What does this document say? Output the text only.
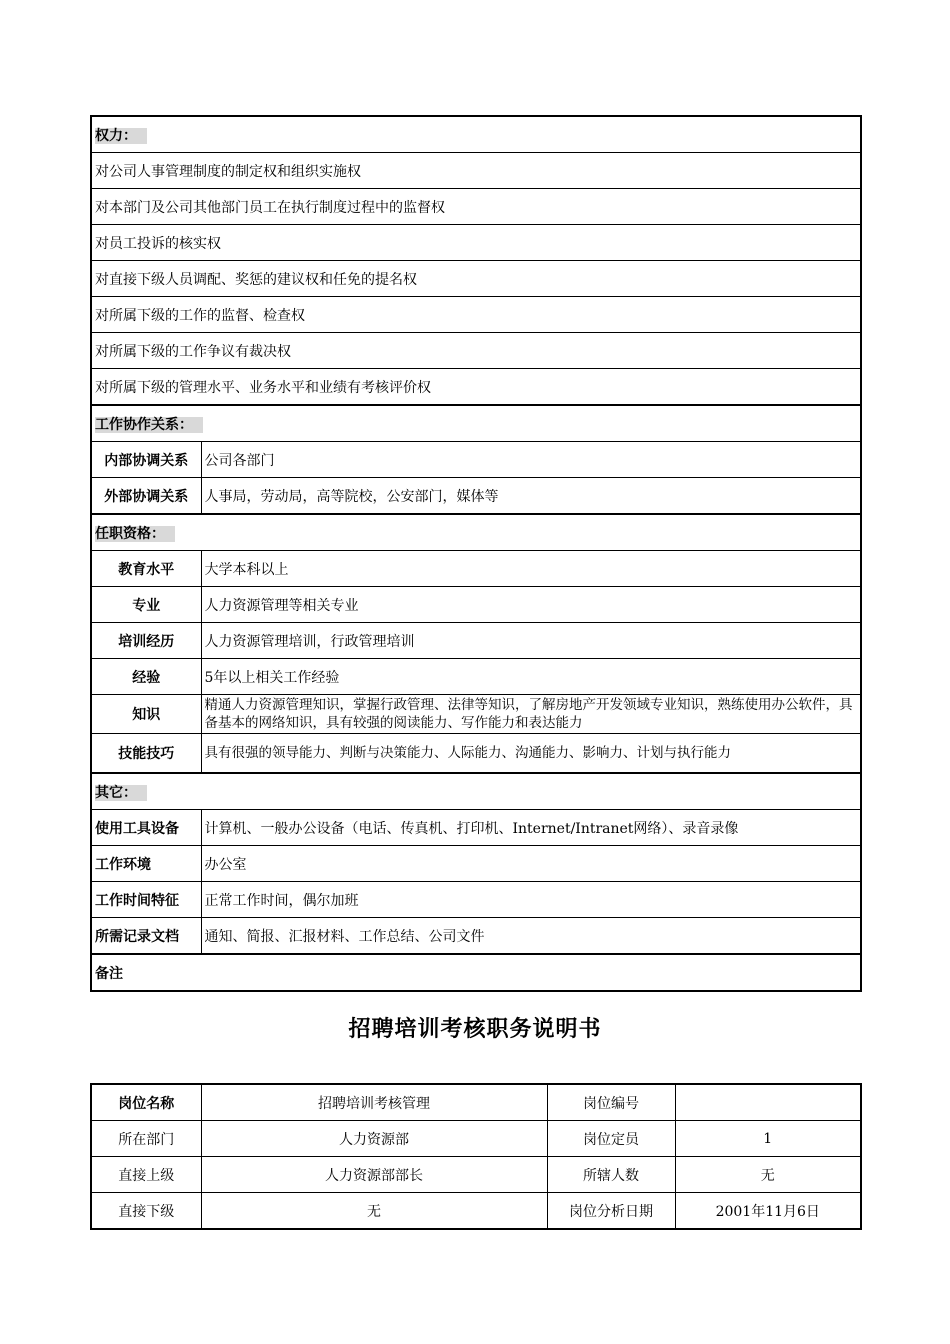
权力：	
对公司人事管理制度的制定权和组织实施权	
对本部门及公司其他部门员工在执行制度过程中的监督权	
对员工投诉的核实权	
对直接下级人员调配、奖惩的建议权和任免的提名权	
对所属下级的工作的监督、检查权	
对所属下级的工作争议有裁决权	
对所属下级的管理水平、业务水平和业绩有考核评价权	
工作协作关系：	
内部协调关系	公司各部门
外部协调关系	人事局，劳动局，高等院校，公安部门，媒体等
任职资格：	
教育水平	大学本科以上
专业	人力资源管理等相关专业
培训经历	人力资源管理培训，行政管理培训
经验	5年以上相关工作经验
知识	精通人力资源管理知识，掌握行政管理、法律等知识，了解房地产开发领域专业知识，熟练使用办公软件，具备基本的网络知识，具有较强的阅读能力、写作能力和表达能力
技能技巧	具有很强的领导能力、判断与决策能力、人际能力、沟通能力、影响力、计划与执行能力
其它：	
使用工具设备	计算机、一般办公设备（电话、传真机、打印机、Internet/Intranet网络）、录音录像
工作环境	办公室
工作时间特征	正常工作时间，偶尔加班
所需记录文档	通知、简报、汇报材料、工作总结、公司文件
备注	
招聘培训考核职务说明书
岗位名称	招聘培训考核管理	岗位编号	
所在部门	人力资源部	岗位定员	1
直接上级	人力资源部部长	所辖人数	无
直接下级	无	岗位分析日期	2001年11月6日
